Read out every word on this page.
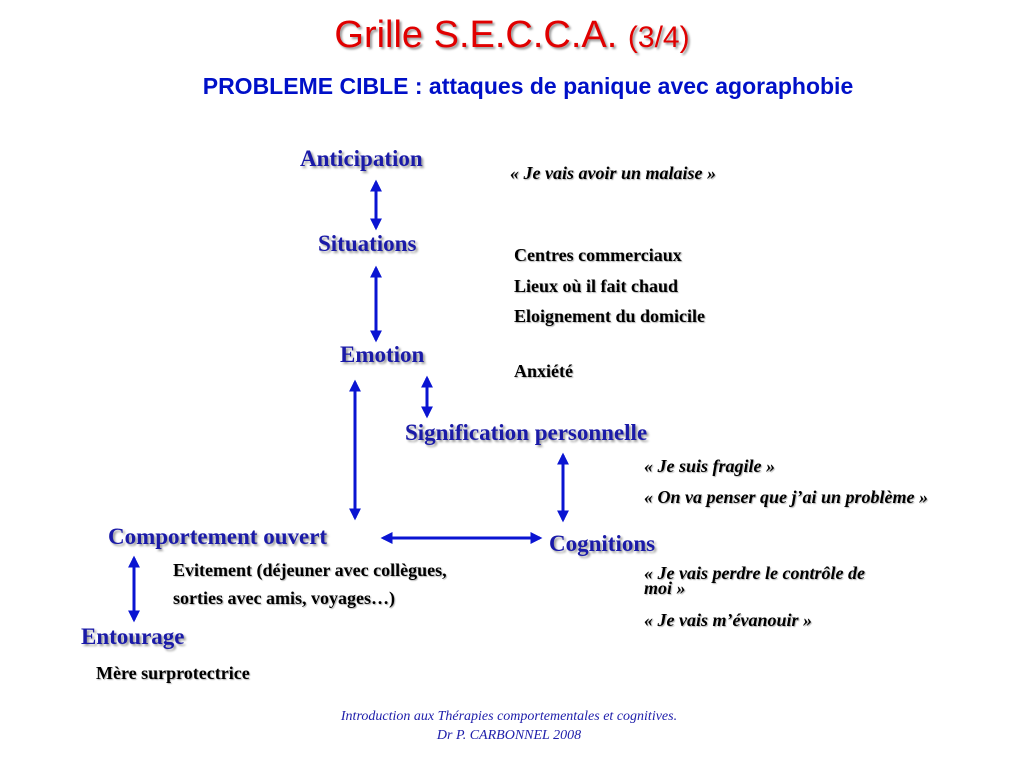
Grille S.E.C.C.A. (3/4)
PROBLEME CIBLE : attaques de panique avec agoraphobie
Anticipation
Situations
Emotion
Signification personnelle
Comportement ouvert	Cognitions
Entourage
« Je vais avoir un malaise »
Centres commerciaux
Lieux où il fait chaud
Eloignement du domicile
Anxiété
« Je suis fragile »
« On va penser que j’ai un problème »
Evitement (déjeuner avec collègues,
sorties avec amis, voyages…)
« Je vais perdre le contrôle de
moi »
« Je vais m’évanouir »
Mère surprotectrice
Introduction aux Thérapies comportementales et cognitives.
Dr P. CARBONNEL 2008
